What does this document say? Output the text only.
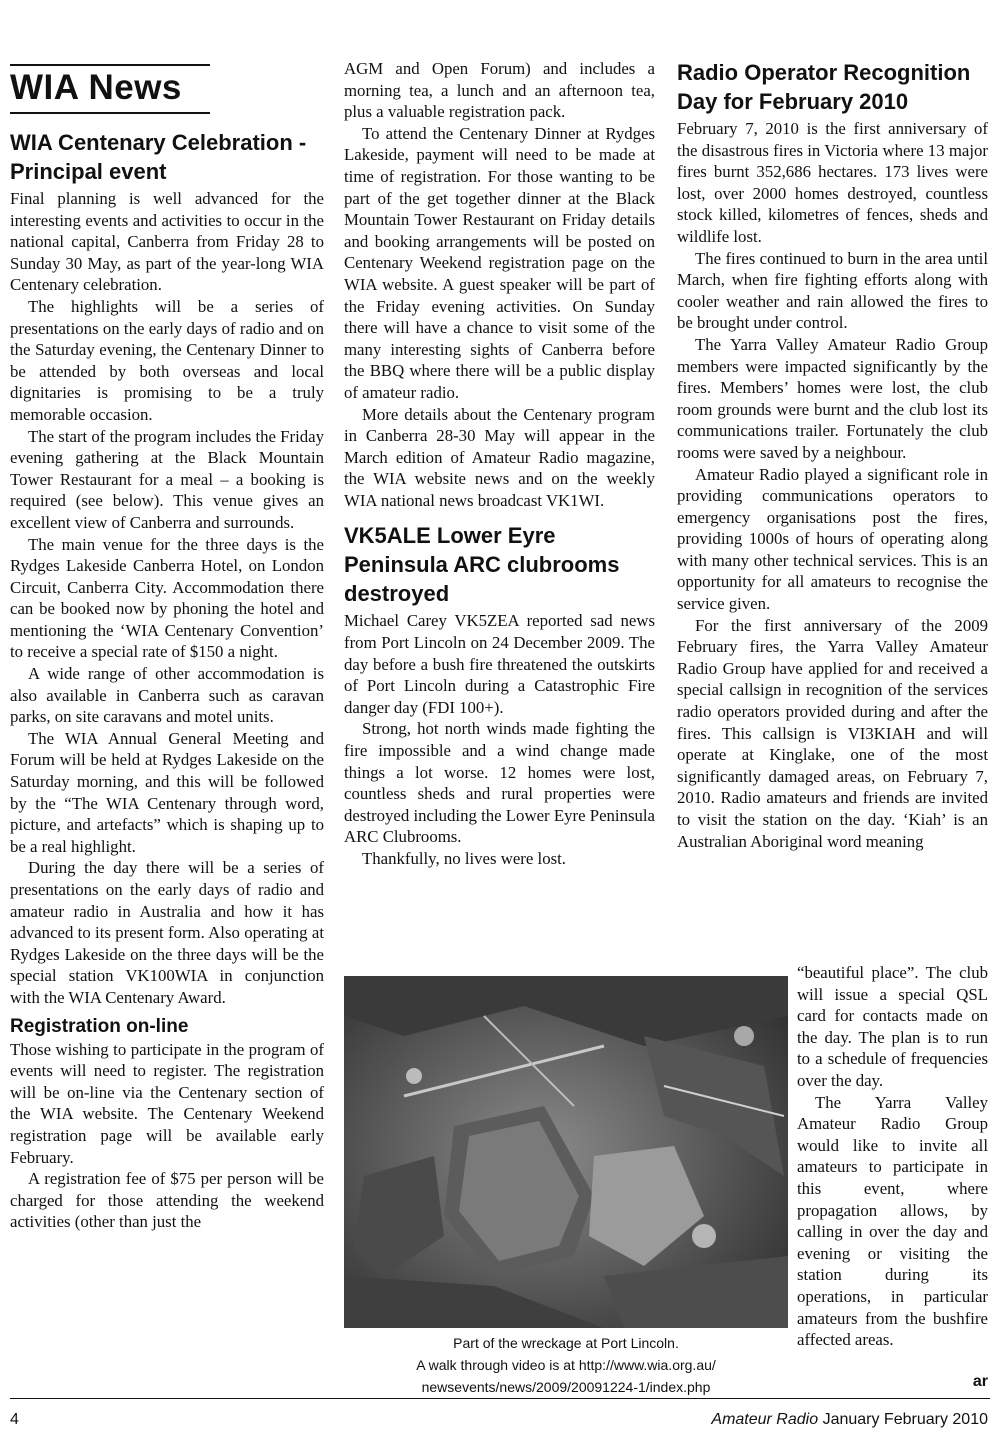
WIA News
WIA Centenary Celebration - Principal event

Final planning is well advanced for the interesting events and activities to occur in the national capital, Canberra from Friday 28 to Sunday 30 May, as part of the year-long WIA Centenary celebration.

The highlights will be a series of presentations on the early days of radio and on the Saturday evening, the Centenary Dinner to be attended by both overseas and local dignitaries is promising to be a truly memorable occasion.

The start of the program includes the Friday evening gathering at the Black Mountain Tower Restaurant for a meal – a booking is required (see below). This venue gives an excellent view of Canberra and surrounds.

The main venue for the three days is the Rydges Lakeside Canberra Hotel, on London Circuit, Canberra City. Accommodation there can be booked now by phoning the hotel and mentioning the ‘WIA Centenary Convention’ to receive a special rate of $150 a night.

A wide range of other accommodation is also available in Canberra such as caravan parks, on site caravans and motel units.

The WIA Annual General Meeting and Forum will be held at Rydges Lakeside on the Saturday morning, and this will be followed by the “The WIA Centenary through word, picture, and artefacts” which is shaping up to be a real highlight.

During the day there will be a series of presentations on the early days of radio and amateur radio in Australia and how it has advanced to its present form. Also operating at Rydges Lakeside on the three days will be the special station VK100WIA in conjunction with the WIA Centenary Award.

Registration on-line

Those wishing to participate in the program of events will need to register. The registration will be on-line via the Centenary section of the WIA website. The Centenary Weekend registration page will be available early February.

A registration fee of $75 per person will be charged for those attending the weekend activities (other than just the

AGM and Open Forum) and includes a morning tea, a lunch and an afternoon tea, plus a valuable registration pack.

To attend the Centenary Dinner at Rydges Lakeside, payment will need to be made at time of registration. For those wanting to be part of the get together dinner at the Black Mountain Tower Restaurant on Friday details and booking arrangements will be posted on Centenary Weekend registration page on the WIA website. A guest speaker will be part of the Friday evening activities. On Sunday there will have a chance to visit some of the many interesting sights of Canberra before the BBQ where there will be a public display of amateur radio.

More details about the Centenary program in Canberra 28-30 May will appear in the March edition of Amateur Radio magazine, the WIA website news and on the weekly WIA national news broadcast VK1WI.

VK5ALE Lower Eyre Peninsula ARC clubrooms destroyed

Michael Carey VK5ZEA reported sad news from Port Lincoln on 24 December 2009. The day before a bush fire threatened the outskirts of Port Lincoln during a Catastrophic Fire danger day (FDI 100+).

Strong, hot north winds made fighting the fire impossible and a wind change made things a lot worse. 12 homes were lost, countless sheds and rural properties were destroyed including the Lower Eyre Peninsula ARC Clubrooms.

Thankfully, no lives were lost.

Radio Operator Recognition Day for February 2010

February 7, 2010 is the first anniversary of the disastrous fires in Victoria where 13 major fires burnt 352,686 hectares. 173 lives were lost, over 2000 homes destroyed, countless stock killed, kilometres of fences, sheds and wildlife lost.

The fires continued to burn in the area until March, when fire fighting efforts along with cooler weather and rain allowed the fires to be brought under control.

The Yarra Valley Amateur Radio Group members were impacted significantly by the fires. Members’ homes were lost, the club room grounds were burnt and the club lost its communications trailer. Fortunately the club rooms were saved by a neighbour.

Amateur Radio played a significant role in providing communications operators to emergency organisations post the fires, providing 1000s of hours of operating along with many other technical services. This is an opportunity for all amateurs to recognise the service given.

For the first anniversary of the 2009 February fires, the Yarra Valley Amateur Radio Group have applied for and received a special callsign in recognition of the services radio operators provided during and after the fires. This callsign is VI3KIAH and will operate at Kinglake, one of the most significantly damaged areas, on February 7, 2010. Radio amateurs and friends are invited to visit the station on the day. ‘Kiah’ is an Australian Aboriginal word meaning

“beautiful place”. The club will issue a special QSL card for contacts made on the day. The plan is to run to a schedule of frequencies over the day.

The Yarra Valley Amateur Radio Group would like to invite all amateurs to participate in this event, where propagation allows, by calling in over the day and evening or visiting the station during its operations, in particular amateurs from the bushfire affected areas.

Part of the wreckage at Port Lincoln.
A walk through video is at http://www.wia.org.au/
newsevents/news/2009/20091224-1/index.php	ar
4	Amateur Radio January February 2010
